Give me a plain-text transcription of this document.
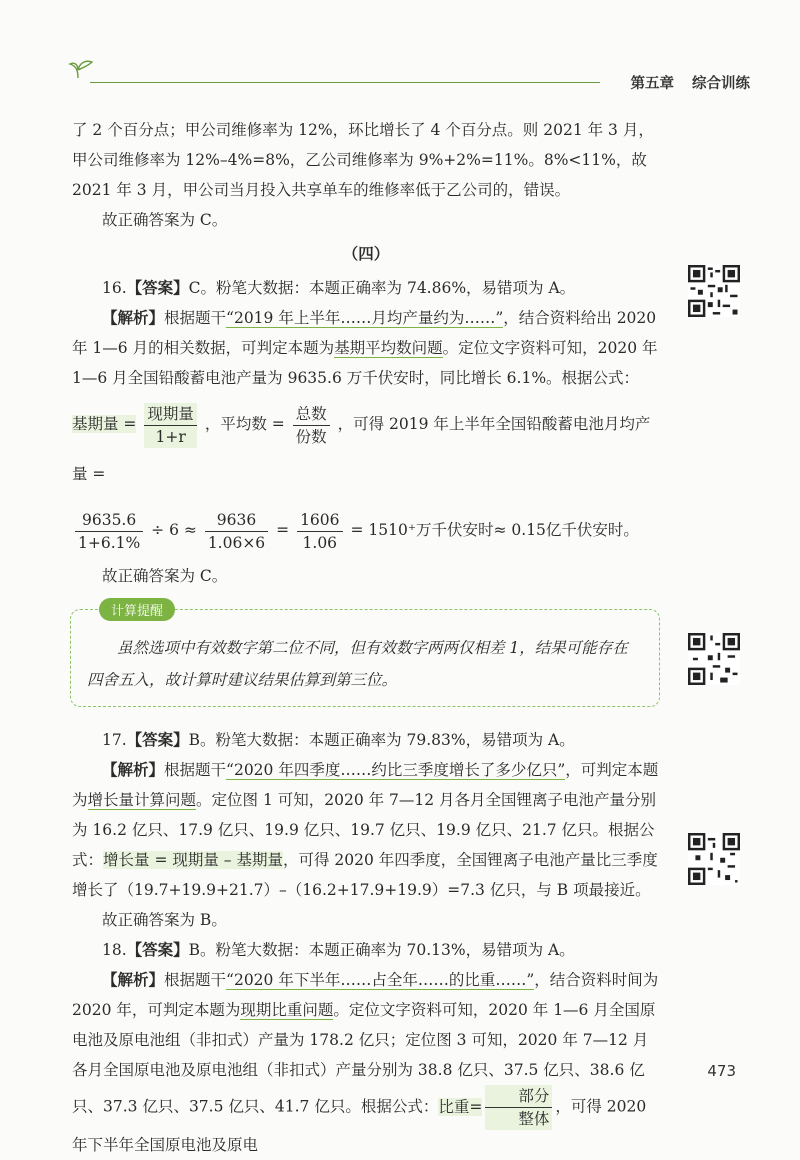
第五章 综合训练

了 2 个百分点；甲公司维修率为 12%，环比增长了 4 个百分点。则 2021 年 3 月，甲公司维修率为 12%–4%=8%，乙公司维修率为 9%+2%=11%。8%<11%，故 2021 年 3 月，甲公司当月投入共享单车的维修率低于乙公司的，错误。

故正确答案为 C。

（四）

16.【答案】C。粉笔大数据：本题正确率为 74.86%，易错项为 A。

【解析】根据题干“2019 年上半年……月均产量约为……”，结合资料给出 2020 年 1—6 月的相关数据，可判定本题为基期平均数问题。定位文字资料可知，2020 年 1—6 月全国铅酸蓄电池产量为 9635.6 万千伏安时，同比增长 6.1%。根据公式：

基期量 = $\frac{\text{现期量}}{1+r}$ ，平均数 = $\frac{\text{总数}}{\text{份数}}$ ，可得 2019 年上半年全国铅酸蓄电池月均产量 =

$\frac{9635.6}{1+6.1\%} \div 6 \approx \frac{9636}{1.06\times 6} = \frac{1606}{1.06} = 1510^+$万千伏安时≈ 0.15亿千伏安时。

故正确答案为 C。

计算提醒

虽然选项中有效数字第二位不同，但有效数字两两仅相差 1，结果可能存在四舍五入，故计算时建议结果估算到第三位。

17.【答案】B。粉笔大数据：本题正确率为 79.83%，易错项为 A。

【解析】根据题干“2020 年四季度……约比三季度增长了多少亿只”，可判定本题为增长量计算问题。定位图 1 可知，2020 年 7—12 月各月全国锂离子电池产量分别为 16.2 亿只、17.9 亿只、19.9 亿只、19.7 亿只、19.9 亿只、21.7 亿只。根据公式：增长量 = 现期量 – 基期量，可得 2020 年四季度，全国锂离子电池产量比三季度增长了（19.7+19.9+21.7）–（16.2+17.9+19.9）=7.3 亿只，与 B 项最接近。

故正确答案为 B。

18.【答案】B。粉笔大数据：本题正确率为 70.13%，易错项为 A。

【解析】根据题干“2020 年下半年……占全年……的比重……”，结合资料时间为 2020 年，可判定本题为现期比重问题。定位文字资料可知，2020 年 1—6 月全国原电池及原电池组（非扣式）产量为 178.2 亿只；定位图 3 可知，2020 年 7—12 月各月全国原电池及原电池组（非扣式）产量分别为 38.8 亿只、37.5 亿只、38.6 亿只、37.3 亿只、37.5 亿只、41.7 亿只。根据公式：比重= $\frac{\text{部分}}{\text{整体}}$ ，可得 2020 年下半年全国原电池及原电

473
